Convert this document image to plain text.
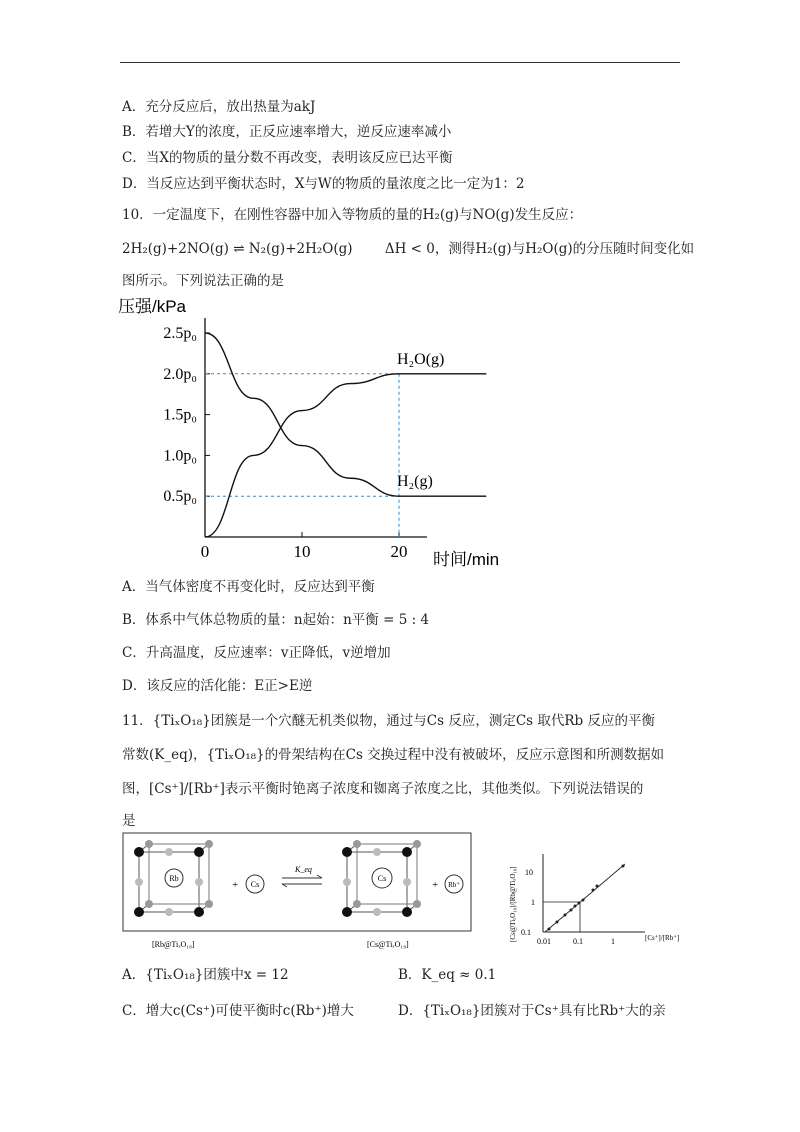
A．充分反应后，放出热量为akJ
B．若增大Y的浓度，正反应速率增大，逆反应速率减小
C．当X的物质的量分数不再改变，表明该反应已达平衡
D．当反应达到平衡状态时，X与W的物质的量浓度之比一定为1：2
10．一定温度下，在刚性容器中加入等物质的量的H₂(g)与NO(g)发生反应：
2H₂(g)+2NO(g) ⇌ N₂(g)+2H₂O(g) ΔH < 0，测得H₂(g)与H₂O(g)的分压随时间变化如
图所示。下列说法正确的是
压强/kPa
0.5p₀
1.0p₀
1.5p₀
2.0p₀
2.5p₀
0	10	20
H₂O(g)
H₂(g)
时间/min
A．当气体密度不再变化时，反应达到平衡
B．体系中气体总物质的量：n起始：n平衡 = 5 : 4
C．升高温度，反应速率：v正降低，v逆增加
D．该反应的活化能：E正>E逆
11．{TiₓO₁₈}团簇是一个穴醚无机类似物，通过与Cs 反应，测定Cs 取代Rb 反应的平衡
常数(K_eq)，{TiₓO₁₈}的骨架结构在Cs 交换过程中没有被破坏，反应示意图和所测数据如
图，[Cs⁺]/[Rb⁺]表示平衡时铯离子浓度和铷离子浓度之比，其他类似。下列说法错误的
是
Rb
Cs
+
K_eq
Cs
+ Rb⁺
[Rb@TiₓO₁₈]	[Cs@TiₓO₁₈]
[Cs@TiₓO₁₈]/[Rb@TiₓO₁₈] 10
1
0.1
0.01	0.1	1	[Cs⁺]/[Rb⁺]
A．{TiₓO₁₈}团簇中x = 12	B．K_eq ≈ 0.1
C．增大c(Cs⁺)可使平衡时c(Rb⁺)增大	D．{TiₓO₁₈}团簇对于Cs⁺具有比Rb⁺大的亲
